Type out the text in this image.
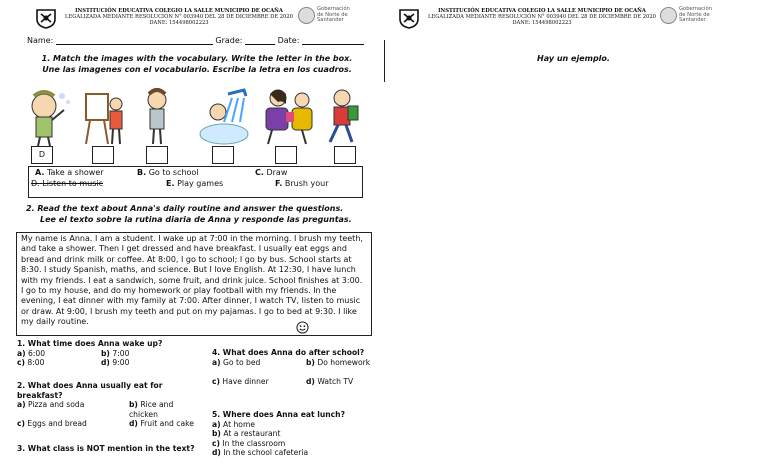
INSTITUCIÓN EDUCATIVA COLEGIO LA SALLE MUNICIPIO DE OCAÑA
LEGALIZADA MEDIANTE RESOLUCIÓN N° 003940 DEL 28 DE DICIEMBRE DE 2020
DANE: 154498002223
Gobernación
de Norte de
Santander
Name:	Grade:	Date:
1. Match the images with the vocabulary. Write the letter in the box.
Une las imagenes con el vocabulario. Escribe la letra en los cuadros.
D
A. Take a shower	B. Go to school	C. Draw
D. Listen to music	E. Play games	F. Brush your
2. Read the text about Anna's daily routine and answer the questions.
Lee el texto sobre la rutina diaria de Anna y responde las preguntas.
My name is Anna. I am a student. I wake up at 7:00 in the morning. I brush my teeth, and take a shower. Then I get dressed and have breakfast. I usually eat eggs and bread and drink milk or coffee. At 8:00, I go to school; I go by bus. School starts at 8:30. I study Spanish, maths, and science. But I love English. At 12:30, I have lunch with my friends. I eat a sandwich, some fruit, and drink juice. School finishes at 3:00. I go to my house, and do my homework or play football with my friends. In the evening, I eat dinner with my family at 7:00. After dinner, I watch TV, listen to music or draw. At 9:00, I brush my teeth and put on my pajamas. I go to bed at 9:30. I like my daily routine.
1. What time does Anna wake up?
a) 6:00	b) 7:00
c) 8:00	d) 9:00
2. What does Anna usually eat for breakfast?
a) Pizza and soda	b) Rice and chicken
c) Eggs and bread	d) Fruit and cake
3. What class is NOT mention in the text?
4. What does Anna do after school?
a) Go to bed	b) Do homework
c) Have dinner	d) Watch TV
5. Where does Anna eat lunch?
a) At home
b) At a restaurant
c) In the classroom
d) In the school cafeteria
INSTITUCIÓN EDUCATIVA COLEGIO LA SALLE MUNICIPIO DE OCAÑA
LEGALIZADA MEDIANTE RESOLUCIÓN N° 003940 DEL 28 DE DICIEMBRE DE 2020
DANE: 154498002223
Gobernación
de Norte de
Santander
Hay un ejemplo.
